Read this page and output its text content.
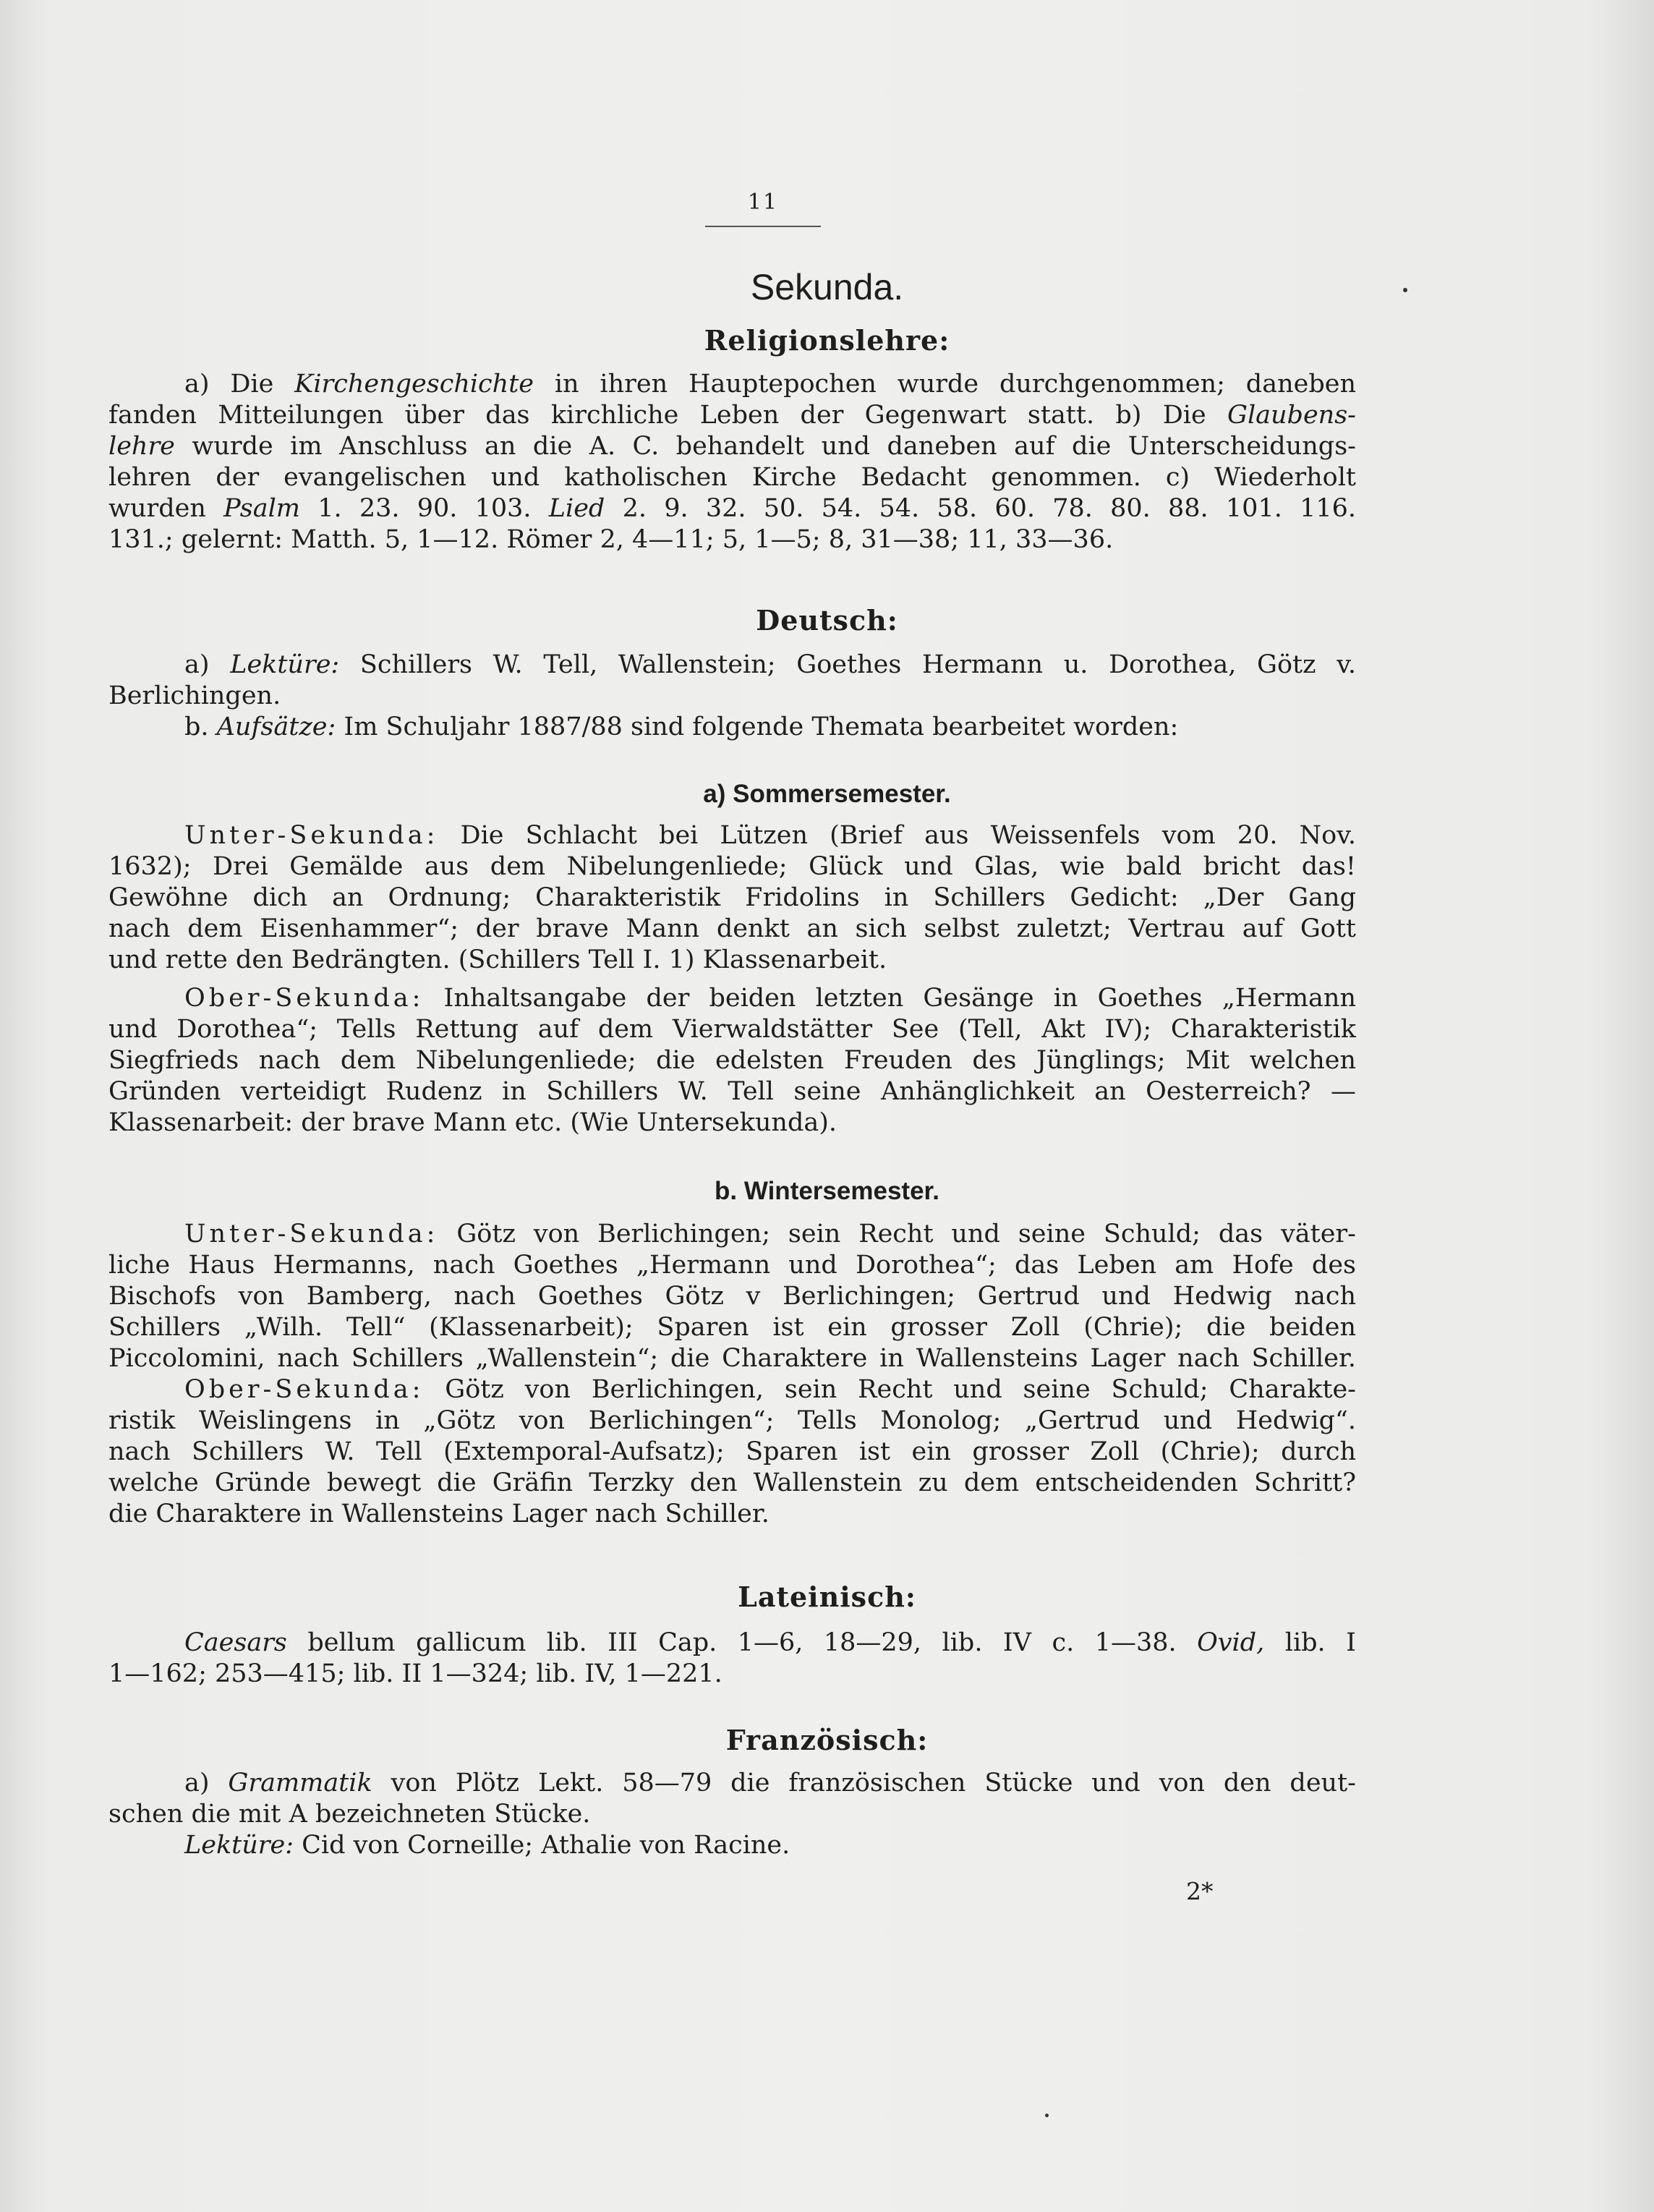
11
Sekunda.
Religionslehre:
a) Die Kirchengeschichte in ihren Hauptepochen wurde durchgenommen; daneben
fanden Mitteilungen über das kirchliche Leben der Gegenwart statt. b) Die Glaubens-
lehre wurde im Anschluss an die A. C. behandelt und daneben auf die Unterscheidungs-
lehren der evangelischen und katholischen Kirche Bedacht genommen. c) Wiederholt
wurden Psalm 1. 23. 90. 103. Lied 2. 9. 32. 50. 54. 54. 58. 60. 78. 80. 88. 101. 116.
131.; gelernt: Matth. 5, 1—12. Römer 2, 4—11; 5, 1—5; 8, 31—38; 11, 33—36.
Deutsch:
a) Lektüre: Schillers W. Tell, Wallenstein; Goethes Hermann u. Dorothea, Götz v.
Berlichingen.
b. Aufsätze: Im Schuljahr 1887/88 sind folgende Themata bearbeitet worden:
a) Sommersemester.
Unter-Sekunda: Die Schlacht bei Lützen (Brief aus Weissenfels vom 20. Nov.
1632); Drei Gemälde aus dem Nibelungenliede; Glück und Glas, wie bald bricht das!
Gewöhne dich an Ordnung; Charakteristik Fridolins in Schillers Gedicht: „Der Gang
nach dem Eisenhammer“; der brave Mann denkt an sich selbst zuletzt; Vertrau auf Gott
und rette den Bedrängten. (Schillers Tell I. 1) Klassenarbeit.
Ober-Sekunda: Inhaltsangabe der beiden letzten Gesänge in Goethes „Hermann
und Dorothea“; Tells Rettung auf dem Vierwaldstätter See (Tell, Akt IV); Charakteristik
Siegfrieds nach dem Nibelungenliede; die edelsten Freuden des Jünglings; Mit welchen
Gründen verteidigt Rudenz in Schillers W. Tell seine Anhänglichkeit an Oesterreich? —
Klassenarbeit: der brave Mann etc. (Wie Untersekunda).
b. Wintersemester.
Unter-Sekunda: Götz von Berlichingen; sein Recht und seine Schuld; das väter-
liche Haus Hermanns, nach Goethes „Hermann und Dorothea“; das Leben am Hofe des
Bischofs von Bamberg, nach Goethes Götz v Berlichingen; Gertrud und Hedwig nach
Schillers „Wilh. Tell“ (Klassenarbeit); Sparen ist ein grosser Zoll (Chrie); die beiden
Piccolomini, nach Schillers „Wallenstein“; die Charaktere in Wallensteins Lager nach Schiller.
Ober-Sekunda: Götz von Berlichingen, sein Recht und seine Schuld; Charakte-
ristik Weislingens in „Götz von Berlichingen“; Tells Monolog; „Gertrud und Hedwig“.
nach Schillers W. Tell (Extemporal-Aufsatz); Sparen ist ein grosser Zoll (Chrie); durch
welche Gründe bewegt die Gräfin Terzky den Wallenstein zu dem entscheidenden Schritt?
die Charaktere in Wallensteins Lager nach Schiller.
Lateinisch:
Caesars bellum gallicum lib. III Cap. 1—6, 18—29, lib. IV c. 1—38. Ovid, lib. I
1—162; 253—415; lib. II 1—324; lib. IV, 1—221.
Französisch:
a) Grammatik von Plötz Lekt. 58—79 die französischen Stücke und von den deut-
schen die mit A bezeichneten Stücke.
Lektüre: Cid von Corneille; Athalie von Racine.
2*
